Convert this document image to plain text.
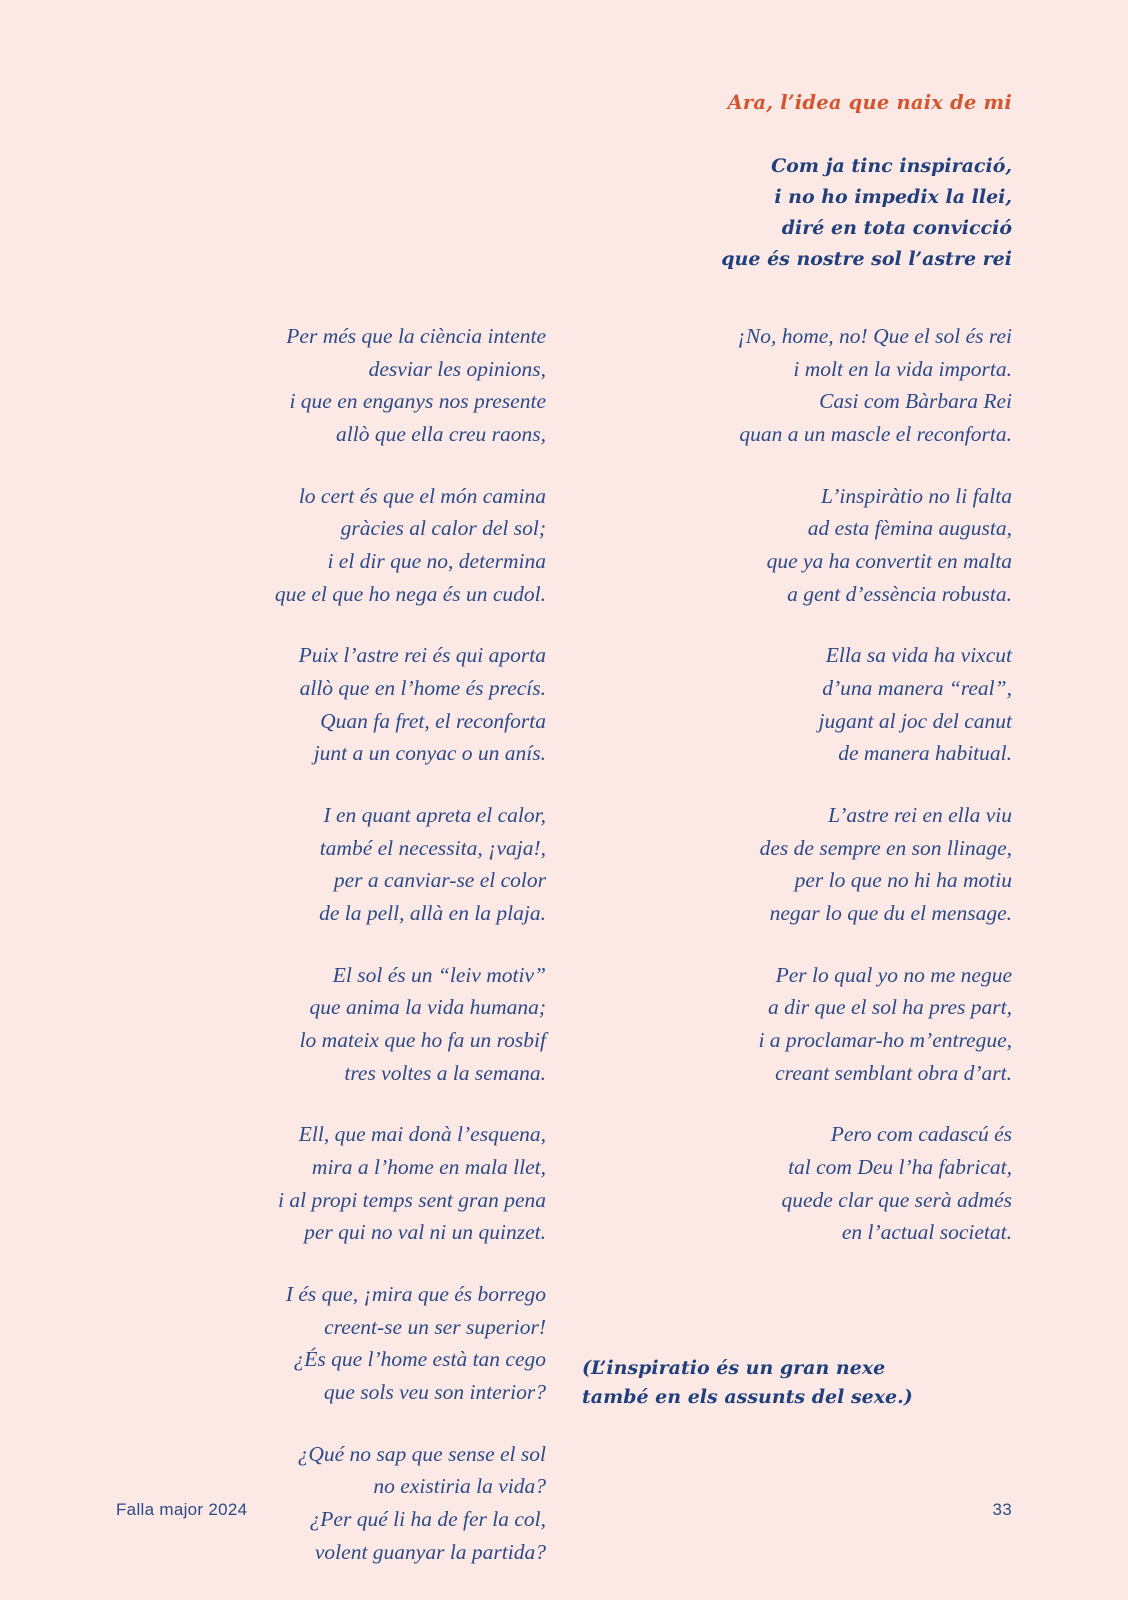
Ara, l’idea que naix de mi
Com ja tinc inspiració,
i no ho impedix la llei,
diré en tota convicció
que és nostre sol l’astre rei
Per més que la ciència intente
desviar les opinions,
i que en enganys nos presente
allò que ella creu raons,
lo cert és que el món camina
gràcies al calor del sol;
i el dir que no, determina
que el que ho nega és un cudol.
Puix l’astre rei és qui aporta
allò que en l’home és precís.
Quan fa fret, el reconforta
junt a un conyac o un anís.
I en quant apreta el calor,
també el necessita, ¡vaja!,
per a canviar-se el color
de la pell, allà en la plaja.
El sol és un “leiv motiv”
que anima la vida humana;
lo mateix que ho fa un rosbif
tres voltes a la semana.
Ell, que mai donà l’esquena,
mira a l’home en mala llet,
i al propi temps sent gran pena
per qui no val ni un quinzet.
I és que, ¡mira que és borrego
creent-se un ser superior!
¿És que l’home està tan cego
que sols veu son interior?
¿Qué no sap que sense el sol
no existiria la vida?
¿Per qué li ha de fer la col,
volent guanyar la partida?
¡No, home, no! Que el sol és rei
i molt en la vida importa.
Casi com Bàrbara Rei
quan a un mascle el reconforta.
L’inspiràtio no li falta
ad esta fèmina augusta,
que ya ha convertit en malta
a gent d’essència robusta.
Ella sa vida ha vixcut
d’una manera “real”,
jugant al joc del canut
de manera habitual.
L’astre rei en ella viu
des de sempre en son llinage,
per lo que no hi ha motiu
negar lo que du el mensage.
Per lo qual yo no me negue
a dir que el sol ha pres part,
i a proclamar-ho m’entregue,
creant semblant obra d’art.
Pero com cadascú és
tal com Deu l’ha fabricat,
quede clar que serà admés
en l’actual societat.
(L’inspiratio és un gran nexe
també en els assunts del sexe.)
Falla major 2024	33
